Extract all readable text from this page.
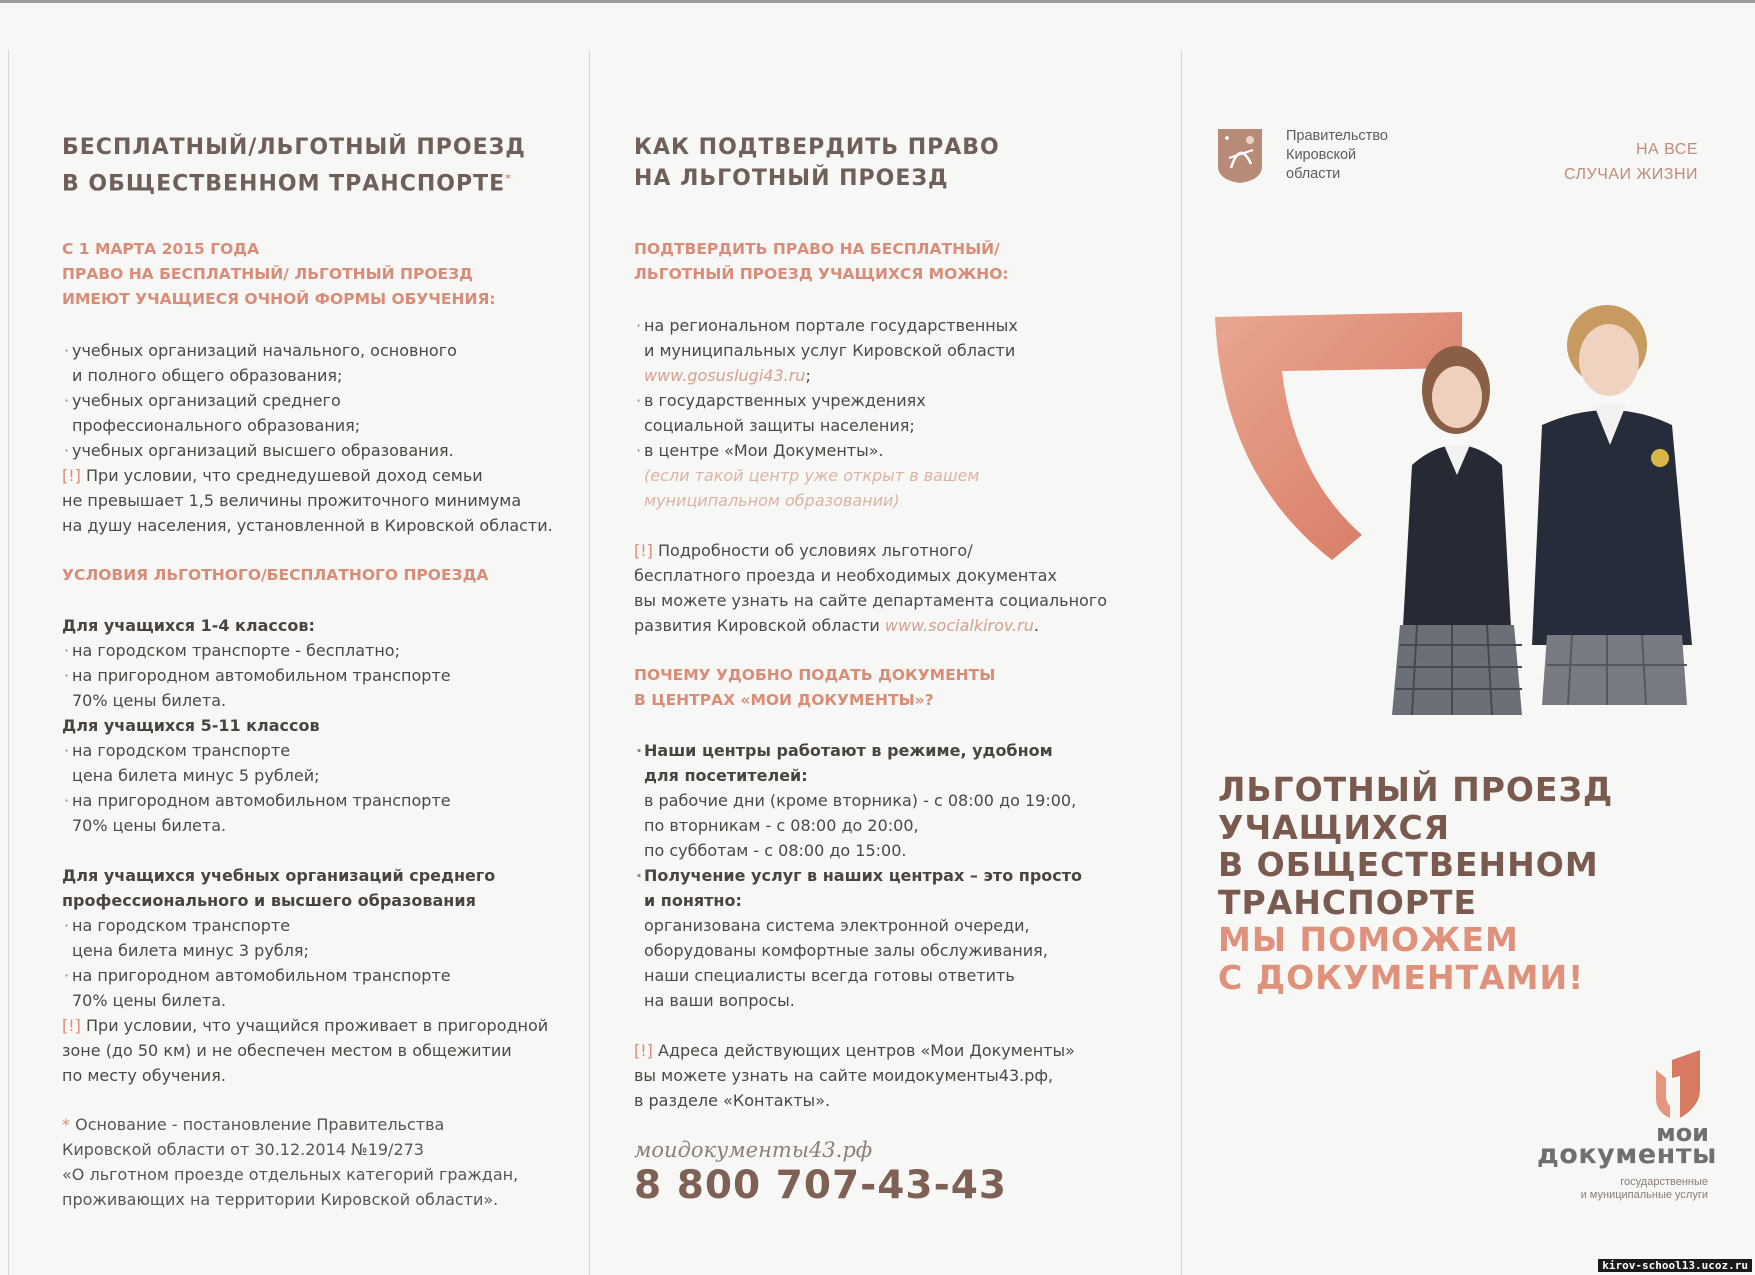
БЕСПЛАТНЫЙ/ЛЬГОТНЫЙ ПРОЕЗД
В ОБЩЕСТВЕННОМ ТРАНСПОРТЕ*

С 1 МАРТА 2015 ГОДА

ПРАВО НА БЕСПЛАТНЫЙ/ ЛЬГОТНЫЙ ПРОЕЗД

ИМЕЮТ УЧАЩИЕСЯ ОЧНОЙ ФОРМЫ ОБУЧЕНИЯ:

· учебных организаций начального, основного

и полного общего образования;

· учебных организаций среднего

профессионального образования;

· учебных организаций высшего образования.

[!] При условии, что среднедушевой доход семьи

не превышает 1,5 величины прожиточного минимума

на душу населения, установленной в Кировской области.

УСЛОВИЯ ЛЬГОТНОГО/БЕСПЛАТНОГО ПРОЕЗДА

Для учащихся 1-4 классов:

· на городском транспорте - бесплатно;

· на пригородном автомобильном транспорте

70% цены билета.

Для учащихся 5-11 классов

· на городском транспорте

цена билета минус 5 рублей;

· на пригородном автомобильном транспорте

70% цены билета.

Для учащихся учебных организаций среднего

профессионального и высшего образования

· на городском транспорте

цена билета минус 3 рубля;

· на пригородном автомобильном транспорте

70% цены билета.

[!] При условии, что учащийся проживает в пригородной

зоне (до 50 км) и не обеспечен местом в общежитии

по месту обучения.

* Основание - постановление Правительства

Кировской области от 30.12.2014 №19/273

«О льготном проезде отдельных категорий граждан,

проживающих на территории Кировской области».

КАК ПОДТВЕРДИТЬ ПРАВО
НА ЛЬГОТНЫЙ ПРОЕЗД

ПОДТВЕРДИТЬ ПРАВО НА БЕСПЛАТНЫЙ/

ЛЬГОТНЫЙ ПРОЕЗД УЧАЩИХСЯ МОЖНО:

· на региональном портале государственных

и муниципальных услуг Кировской области

www.gosuslugi43.ru;

· в государственных учреждениях

социальной защиты населения;

· в центре «Мои Документы».

(если такой центр уже открыт в вашем

муниципальном образовании)

[!] Подробности об условиях льготного/

бесплатного проезда и необходимых документах

вы можете узнать на сайте департамента социального

развития Кировской области www.socialkirov.ru.

ПОЧЕМУ УДОБНО ПОДАТЬ ДОКУМЕНТЫ

В ЦЕНТРАХ «МОИ ДОКУМЕНТЫ»?

· Наши центры работают в режиме, удобном

для посетителей:

в рабочие дни (кроме вторника) - с 08:00 до 19:00,

по вторникам - с 08:00 до 20:00,

по субботам - с 08:00 до 15:00.

· Получение услуг в наших центрах – это просто

и понятно:

организована система электронной очереди,

оборудованы комфортные залы обслуживания,

наши специалисты всегда готовы ответить

на ваши вопросы.

[!] Адреса действующих центров «Мои Документы»

вы можете узнать на сайте моидокументы43.рф,

в разделе «Контакты».

моидокументы43.рф
8 800 707-43-43

Правительство

Кировской

области

НА ВСЕ

СЛУЧАИ ЖИЗНИ

ЛЬГОТНЫЙ ПРОЕЗД
УЧАЩИХСЯ
В ОБЩЕСТВЕННОМ
ТРАНСПОРТЕ
МЫ ПОМОЖЕМ
С ДОКУМЕНТАМИ!
мои
документы

государственные

и муниципальные услуги

kirov-school13.ucoz.ru
